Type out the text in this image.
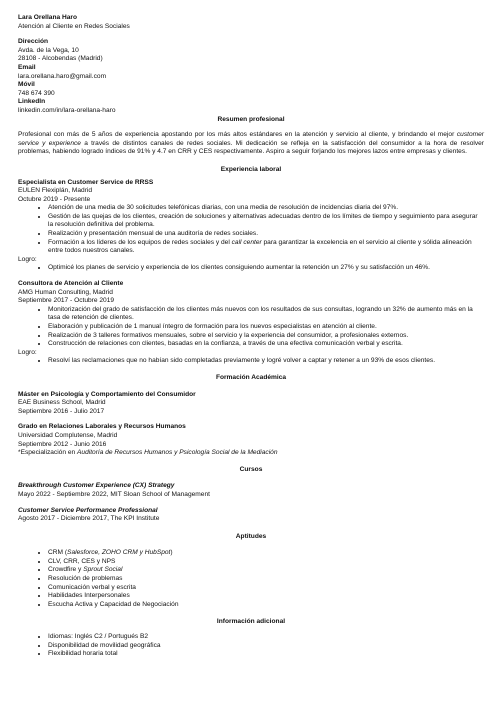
Lara Orellana Haro
Atención al Cliente en Redes Sociales
Dirección
Avda. de la Vega, 10
28108 - Alcobendas (Madrid)
Email
lara.orellana.haro@gmail.com
Móvil
748 674 390
LinkedIn
linkedin.com/in/lara-orellana-haro
Resumen profesional
Profesional con más de 5 años de experiencia apostando por los más altos estándares en la atención y servicio al cliente, y brindando el mejor customer service y experience a través de distintos canales de redes sociales. Mi dedicación se refleja en la satisfacción del consumidor a la hora de resolver problemas, habiendo logrado índices de 91% y 4.7 en CRR y CES respectivamente. Aspiro a seguir forjando los mejores lazos entre empresas y clientes.
Experiencia laboral
Especialista en Customer Service de RRSS
EULEN Flexiplán, Madrid
Octubre 2019 - Presente
• Atención de una media de 30 solicitudes telefónicas diarias, con una media de resolución de incidencias diaria del 97%.
• Gestión de las quejas de los clientes, creación de soluciones y alternativas adecuadas dentro de los límites de tiempo y seguimiento para asegurar la resolución definitiva del problema.
• Realización y presentación mensual de una auditoría de redes sociales.
• Formación a los líderes de los equipos de redes sociales y del call center para garantizar la excelencia en el servicio al cliente y sólida alineación entre todos nuestros canales.
Logro:
• Optimicé los planes de servicio y experiencia de los clientes consiguiendo aumentar la retención un 27% y su satisfacción un 46%.
Consultora de Atención al Cliente
AMG Human Consulting, Madrid
Septiembre 2017 - Octubre 2019
• Monitorización del grado de satisfacción de los clientes más nuevos con los resultados de sus consultas, logrando un 32% de aumento más en la tasa de retención de clientes.
• Elaboración y publicación de 1 manual íntegro de formación para los nuevos especialistas en atención al cliente.
• Realización de 3 talleres formativos mensuales, sobre el servicio y la experiencia del consumidor, a profesionales externos.
• Construcción de relaciones con clientes, basadas en la confianza, a través de una efectiva comunicación verbal y escrita.
Logro:
• Resolví las reclamaciones que no habían sido completadas previamente y logré volver a captar y retener a un 93% de esos clientes.
Formación Académica
Máster en Psicología y Comportamiento del Consumidor
EAE Business School, Madrid
Septiembre 2016 - Julio 2017
Grado en Relaciones Laborales y Recursos Humanos
Universidad Complutense, Madrid
Septiembre 2012 - Junio 2016
*Especialización en Auditoría de Recursos Humanos y Psicología Social de la Mediación
Cursos
Breakthrough Customer Experience (CX) Strategy
Mayo 2022 - Septiembre 2022, MIT Sloan School of Management
Customer Service Performance Professional
Agosto 2017 - Diciembre 2017, The KPI Institute
Aptitudes
• CRM (Salesforce, ZOHO CRM y HubSpot)
• CLV, CRR, CES y NPS
• Crowdfire y Sprout Social
• Resolución de problemas
• Comunicación verbal y escrita
• Habilidades Interpersonales
• Escucha Activa y Capacidad de Negociación
Información adicional
• Idiomas: Inglés C2 / Portugués B2
• Disponibilidad de movilidad geográfica
• Flexibilidad horaria total
